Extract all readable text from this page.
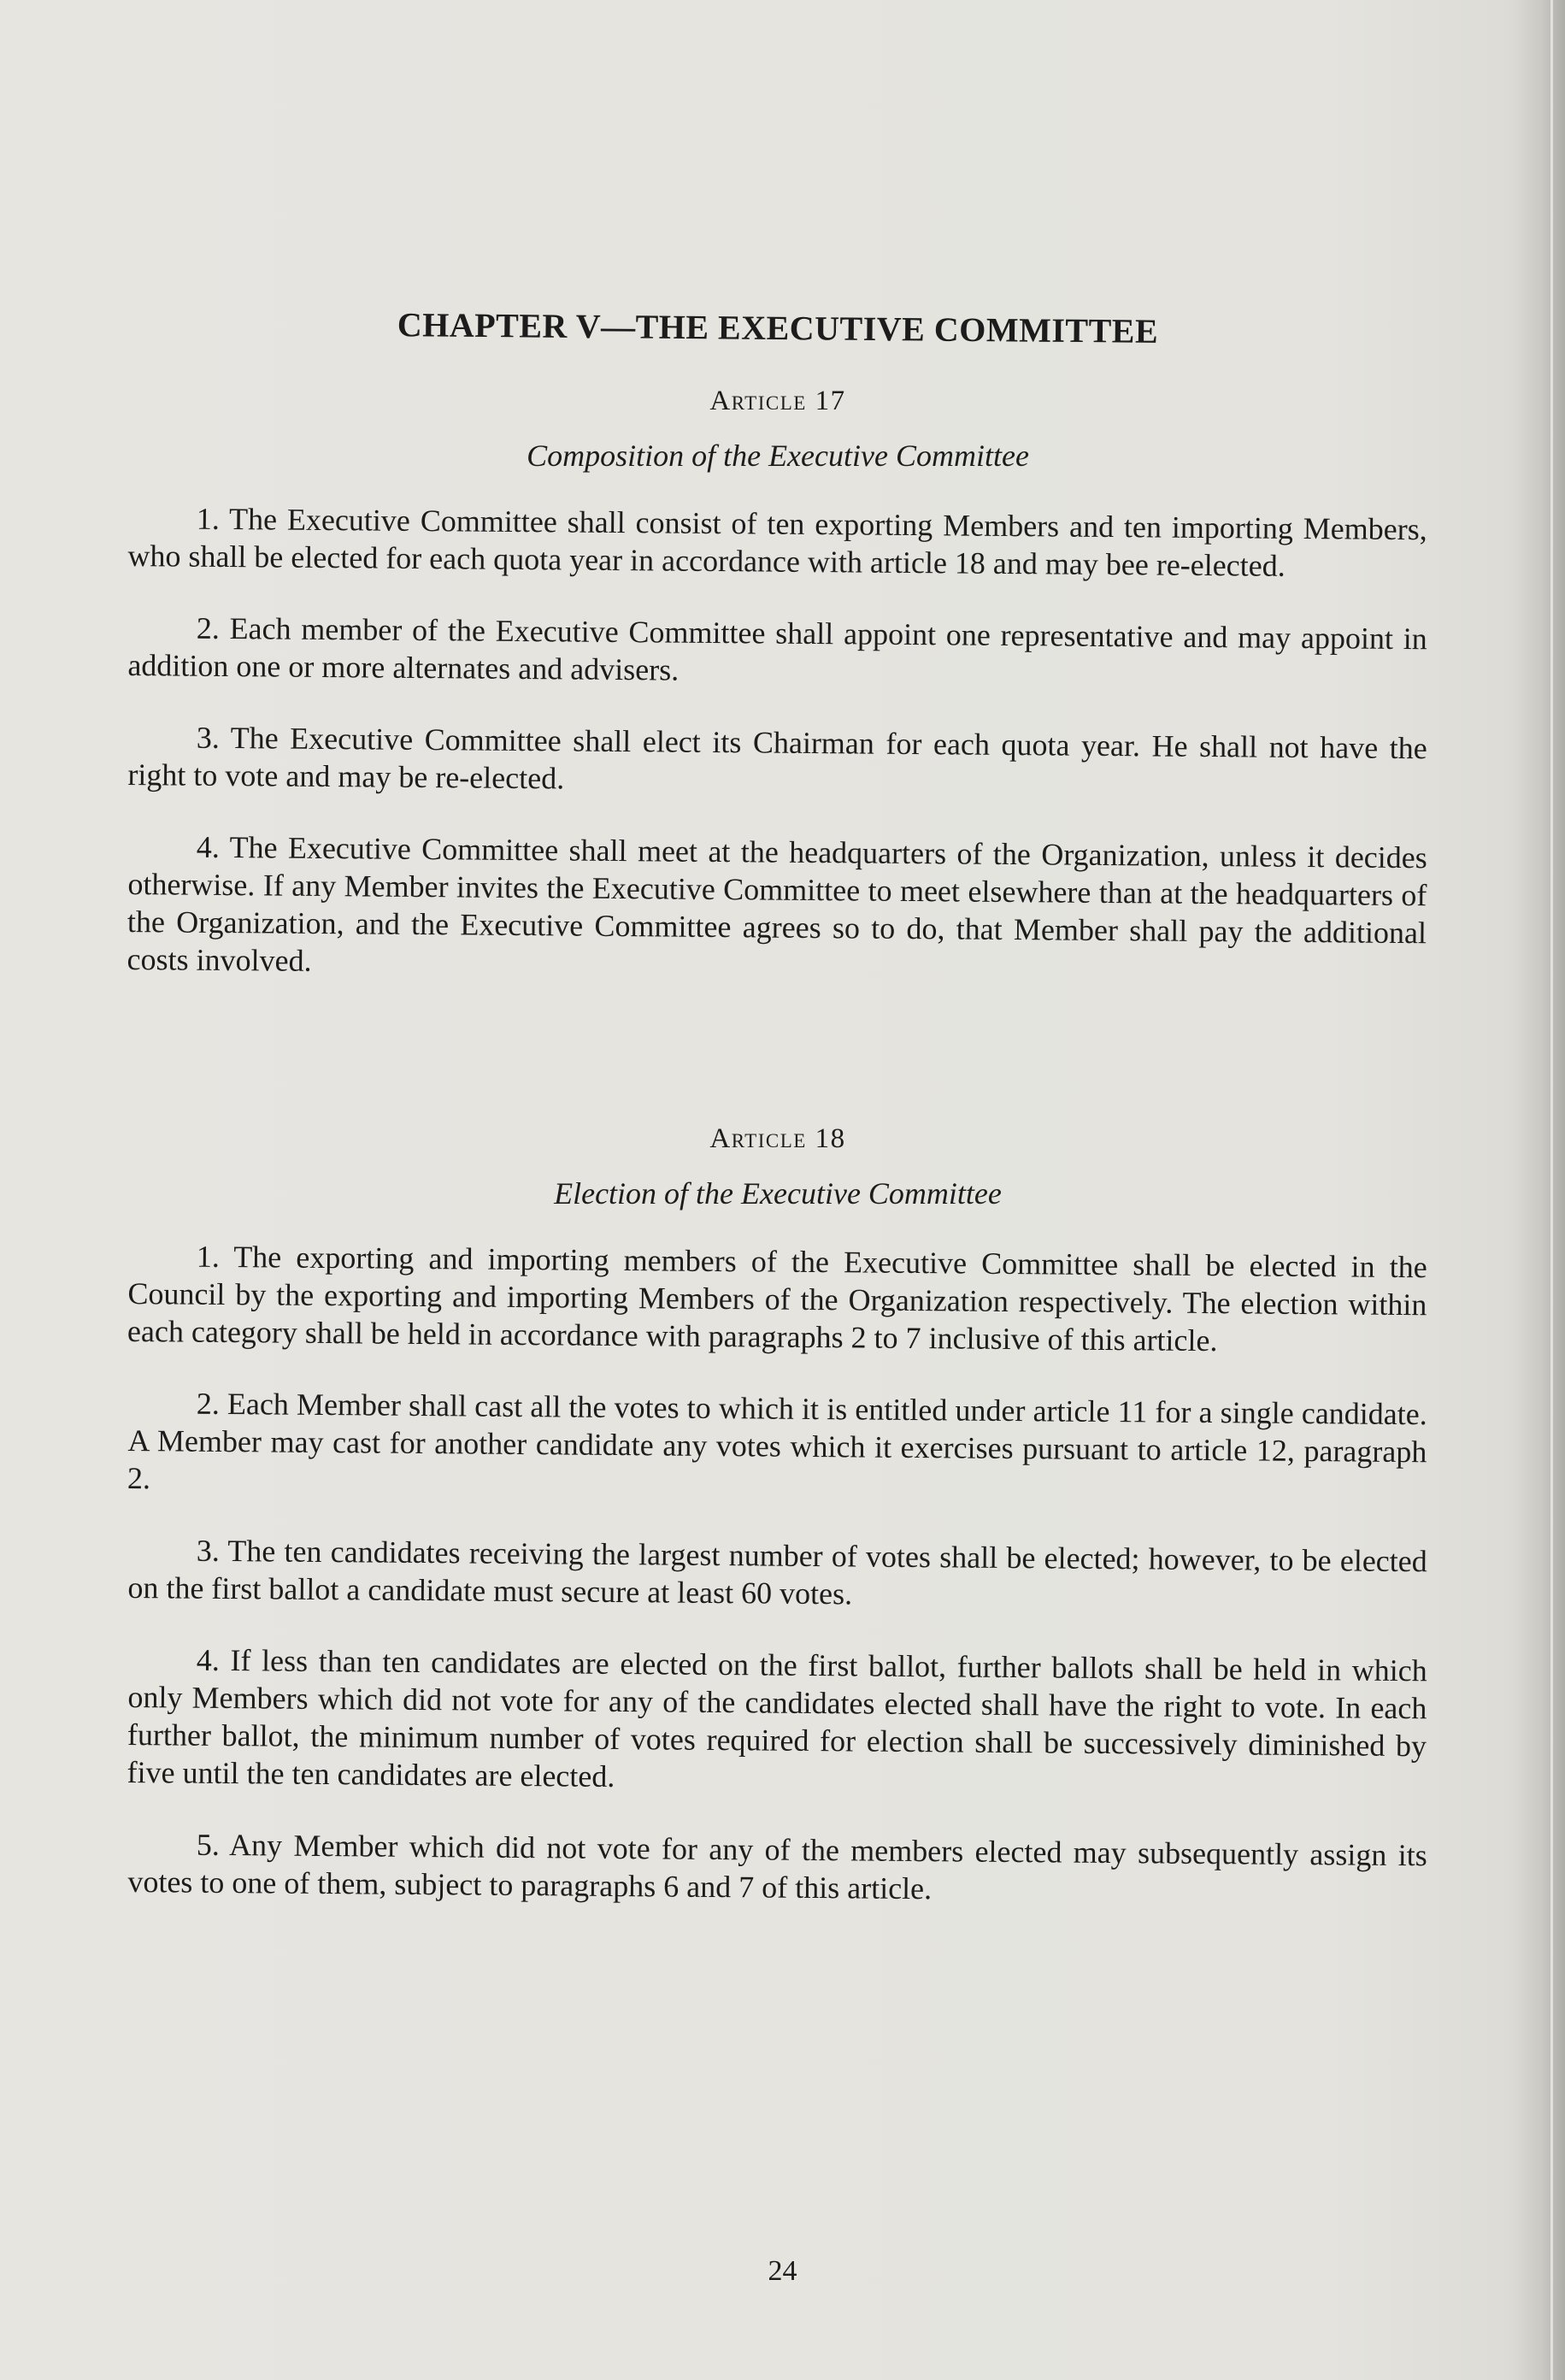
CHAPTER V—THE EXECUTIVE COMMITTEE
Article 17
Composition of the Executive Committee

1. The Executive Committee shall consist of ten exporting Members and ten importing Members, who shall be elected for each quota year in accordance with article 18 and may bee re-elected.

2. Each member of the Executive Committee shall appoint one representative and may appoint in addition one or more alternates and advisers.

3. The Executive Committee shall elect its Chairman for each quota year. He shall not have the right to vote and may be re-elected.

4. The Executive Committee shall meet at the headquarters of the Organization, unless it decides otherwise. If any Member invites the Executive Committee to meet elsewhere than at the headquarters of the Organization, and the Executive Committee agrees so to do, that Member shall pay the additional costs involved.

Article 18
Election of the Executive Committee

1. The exporting and importing members of the Executive Committee shall be elected in the Council by the exporting and importing Members of the Organization respectively. The election within each category shall be held in accordance with paragraphs 2 to 7 inclusive of this article.

2. Each Member shall cast all the votes to which it is entitled under article 11 for a single candidate. A Member may cast for another candidate any votes which it exercises pursuant to article 12, paragraph 2.

3. The ten candidates receiving the largest number of votes shall be elected; however, to be elected on the first ballot a candidate must secure at least 60 votes.

4. If less than ten candidates are elected on the first ballot, further ballots shall be held in which only Members which did not vote for any of the candidates elected shall have the right to vote. In each further ballot, the minimum number of votes required for election shall be successively diminished by five until the ten candidates are elected.

5. Any Member which did not vote for any of the members elected may subsequently assign its votes to one of them, subject to paragraphs 6 and 7 of this article.

24
